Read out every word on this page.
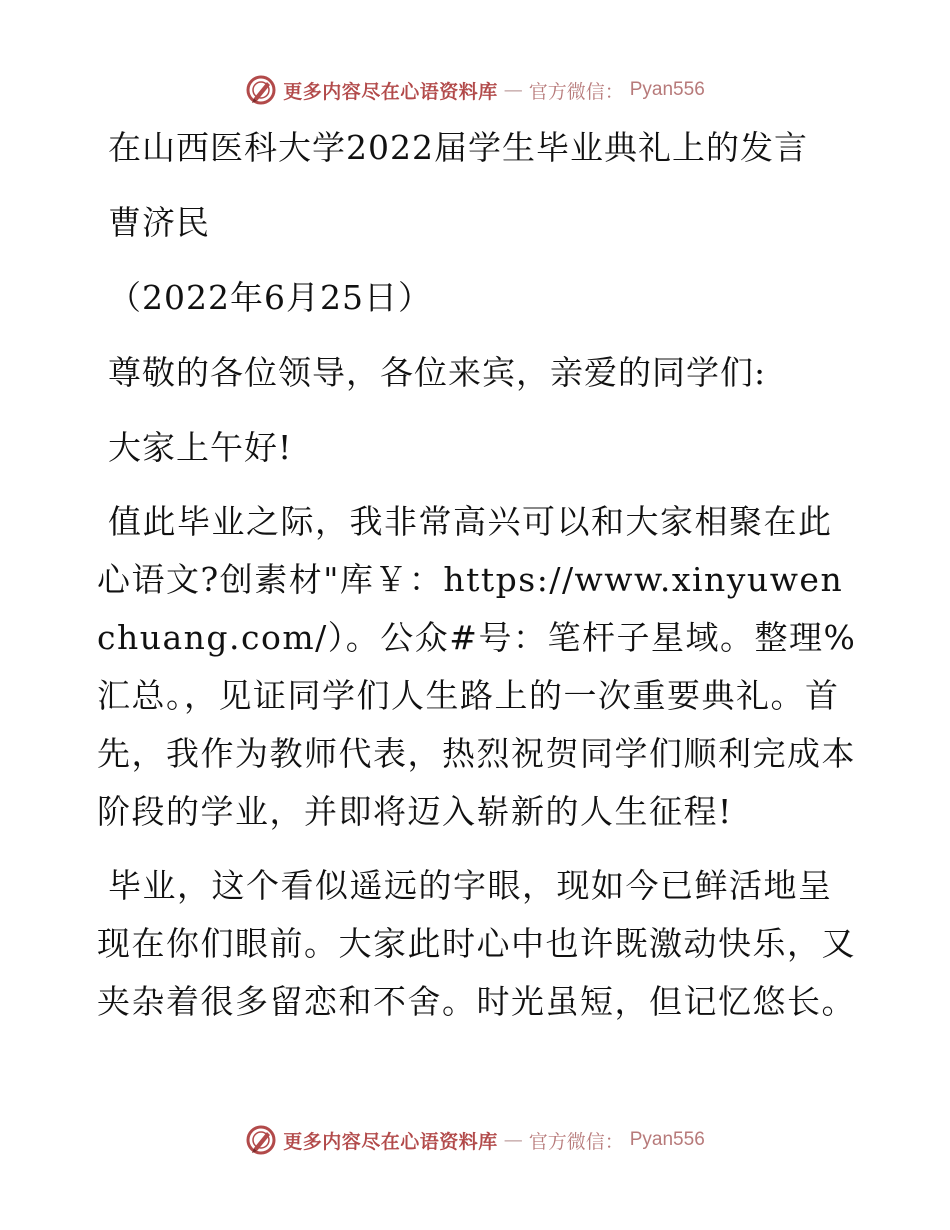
更多内容尽在心语资料库 — 官方微信： Pyan556
在山西医科大学2022届学生毕业典礼上的发言
曹济民
（2022年6月25日）
尊敬的各位领导，各位来宾，亲爱的同学们:
大家上午好!
值此毕业之际，我非常高兴可以和大家相聚在此心语文?创素材"库￥：https://www.xinyuwenchuang.com/）。公众#号：笔杆子星域。整理%汇总。，见证同学们人生路上的一次重要典礼。首先，我作为教师代表，热烈祝贺同学们顺利完成本阶段的学业，并即将迈入崭新的人生征程!
毕业，这个看似遥远的字眼，现如今已鲜活地呈现在你们眼前。大家此时心中也许既激动快乐，又夹杂着很多留恋和不舍。时光虽短，但记忆悠长。
更多内容尽在心语资料库 — 官方微信： Pyan556
